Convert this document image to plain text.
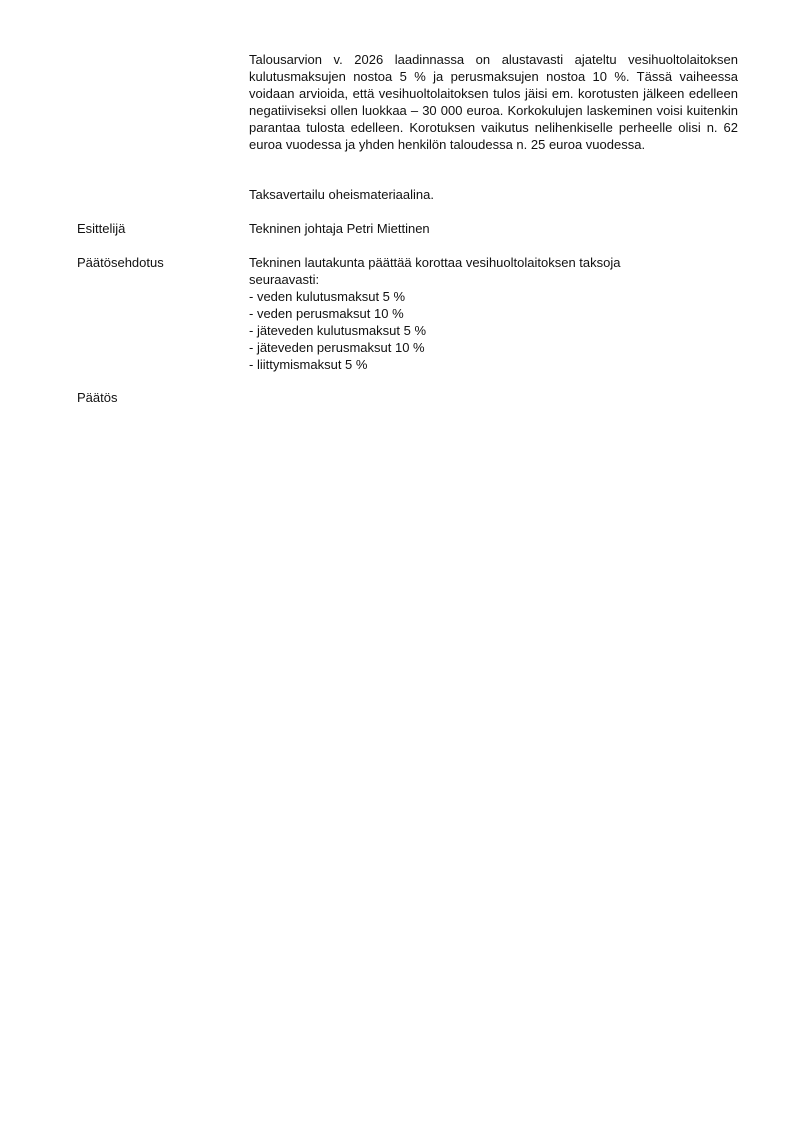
Talousarvion v. 2026 laadinnassa on alustavasti ajateltu vesihuoltolaitoksen kulutusmaksujen nostoa 5 % ja perusmaksujen nostoa 10 %. Tässä vaiheessa voidaan arvioida, että vesihuoltolaitoksen tulos jäisi em. korotusten jälkeen edelleen negatiiviseksi ollen luokkaa – 30 000 euroa. Korkokulujen laskeminen voisi kuitenkin parantaa tulosta edelleen. Korotuksen vaikutus nelihenkiselle perheelle olisi n. 62 euroa vuodessa ja yhden henkilön taloudessa n. 25 euroa vuodessa.

Taksavertailu oheismateriaalina.

Esittelijä	Tekninen johtaja Petri Miettinen
Päätösehdotus	Tekninen lautakunta päättää korottaa vesihuoltolaitoksen taksoja seuraavasti:

- veden kulutusmaksut 5 %
- veden perusmaksut 10 %
- jäteveden kulutusmaksut 5 %
- jäteveden perusmaksut 10 %
- liittymismaksut 5 %
Päätös
